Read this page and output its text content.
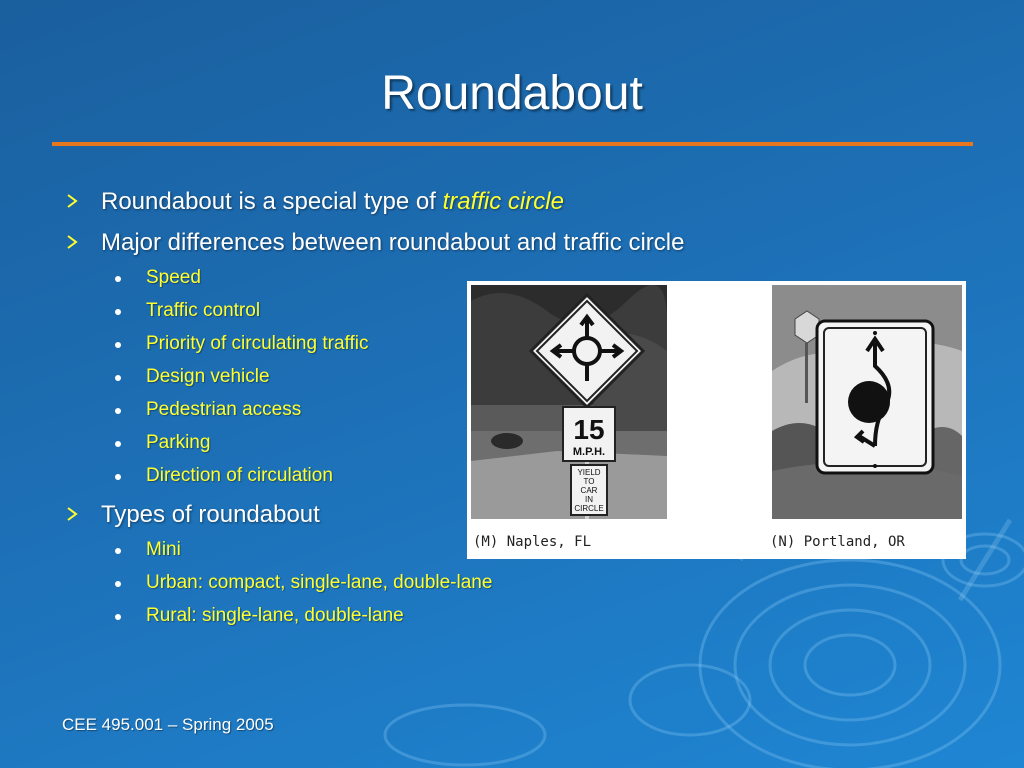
Roundabout
Roundabout is a special type of traffic circle
Major differences between roundabout and traffic circle
Speed
Traffic control
Priority of circulating traffic
Design vehicle
Pedestrian access
Parking
Direction of circulation
Types of roundabout
Mini
Urban: compact, single-lane, double-lane
Rural: single-lane, double-lane
15
M.P.H.
YIELD
TO
CAR
IN
CIRCLE
(M) Naples, FL	(N) Portland, OR
CEE 495.001 – Spring 2005
